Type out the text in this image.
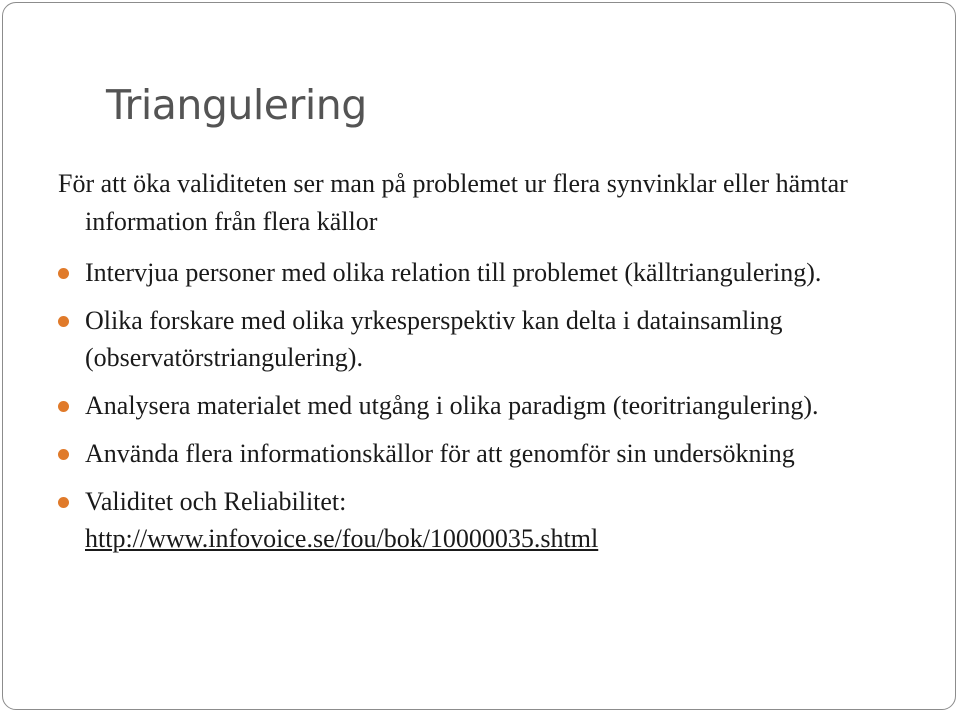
Triangulering

För att öka validiteten ser man på problemet ur flera synvinklar eller hämtar information från flera källor

Intervjua personer med olika relation till problemet (källtriangulering).
Olika forskare med olika yrkesperspektiv kan delta i datainsamling (observatörstriangulering).
Analysera materialet med utgång i olika paradigm (teoritriangulering).
Använda flera informationskällor för att genomför sin undersökning
Validitet och Reliabilitet:
http://www.infovoice.se/fou/bok/10000035.shtml
